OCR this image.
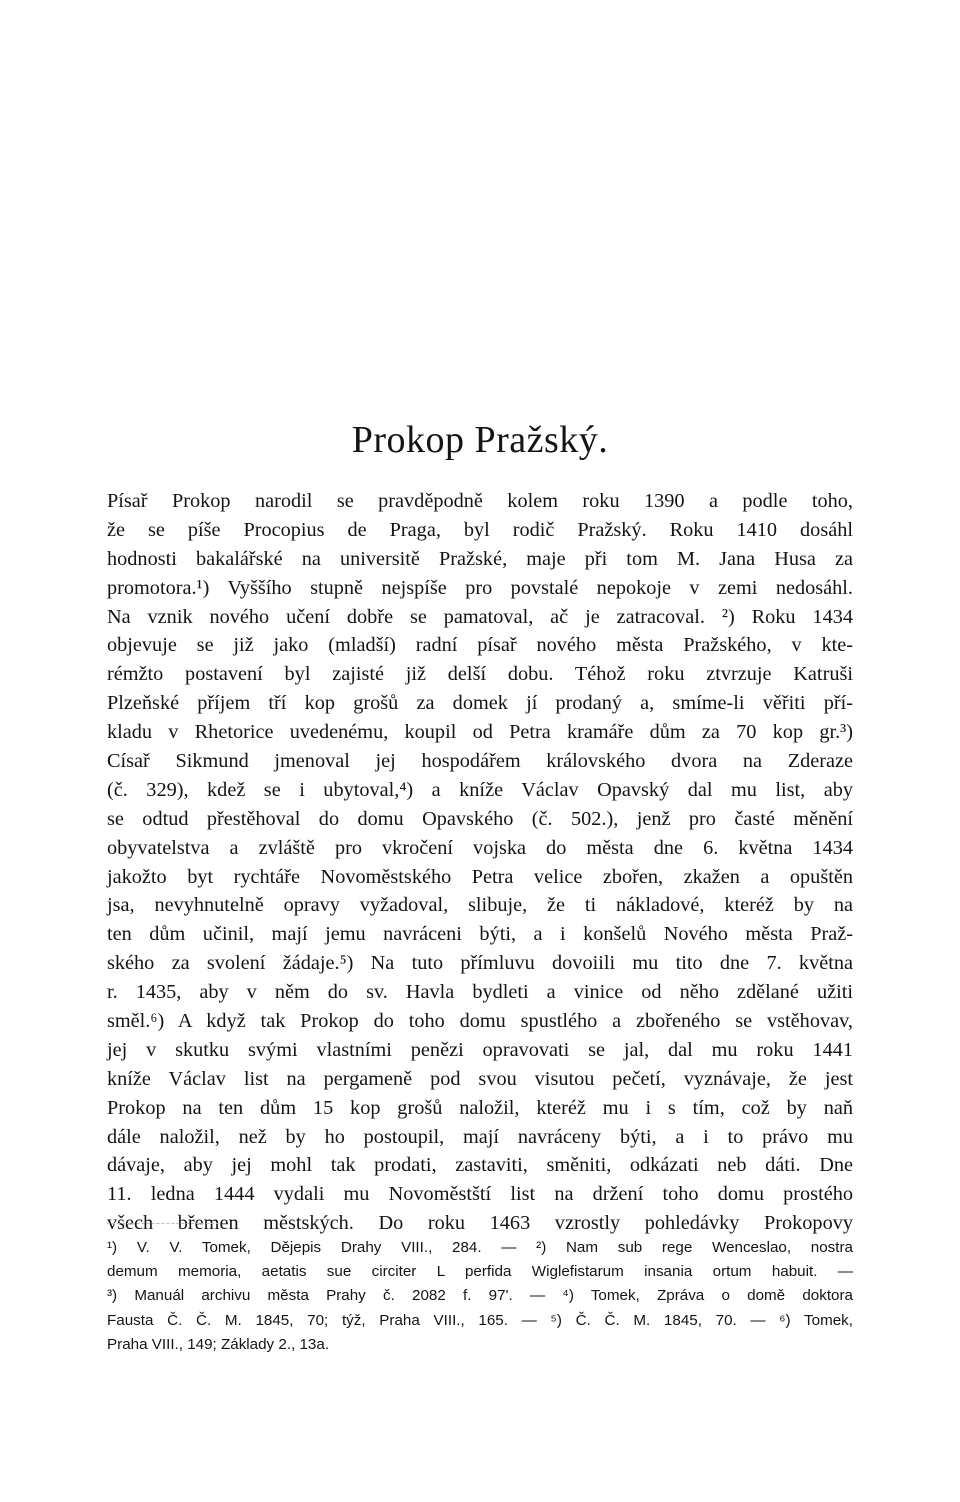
Prokop Pražský.
Písař Prokop narodil se pravděpodně kolem roku 1390 a podle toho,
že se píše Procopius de Praga, byl rodič Pražský. Roku 1410 dosáhl
hodnosti bakalářské na universitě Pražské, maje při tom M. Jana Husa za
promotora.¹) Vyššího stupně nejspíše pro povstalé nepokoje v zemi nedosáhl.
Na vznik nového učení dobře se pamatoval, ač je zatracoval. ²) Roku 1434
objevuje se již jako (mladší) radní písař nového města Pražského, v kte-
rémžto postavení byl zajisté již delší dobu. Téhož roku ztvrzuje Katruši
Plzeňské příjem tří kop grošů za domek jí prodaný a, smíme-li věřiti pří-
kladu v Rhetorice uvedenému, koupil od Petra kramáře dům za 70 kop gr.³)
Císař Sikmund jmenoval jej hospodářem královského dvora na Zderaze
(č. 329), kdež se i ubytoval,⁴) a kníže Václav Opavský dal mu list, aby
se odtud přestěhoval do domu Opavského (č. 502.), jenž pro časté měnění
obyvatelstva a zvláště pro vkročení vojska do města dne 6. května 1434
jakožto byt rychtáře Novoměstského Petra velice zbořen, zkažen a opuštěn
jsa, nevyhnutelně opravy vyžadoval, slibuje, že ti nákladové, kteréž by na
ten dům učinil, mají jemu navráceni býti, a i konšelů Nového města Praž-
ského za svolení žádaje.⁵) Na tuto přímluvu dovoiili mu tito dne 7. května
r. 1435, aby v něm do sv. Havla bydleti a vinice od něho zdělané užiti
směl.⁶) A když tak Prokop do toho domu spustlého a zbořeného se vstěhovav,
jej v skutku svými vlastními penězi opravovati se jal, dal mu roku 1441
kníže Václav list na pergameně pod svou visutou pečetí, vyznávaje, že jest
Prokop na ten dům 15 kop grošů naložil, kteréž mu i s tím, což by naň
dále naložil, než by ho postoupil, mají navráceny býti, a i to právo mu
dávaje, aby jej mohl tak prodati, zastaviti, směniti, odkázati neb dáti. Dne
11. ledna 1444 vydali mu Novoměstští list na držení toho domu prostého
všech břemen městských. Do roku 1463 vzrostly pohledávky Prokopovy
¹) V. V. Tomek, Dějepis Drahy VIII., 284. — ²) Nam sub rege Wenceslao, nostra
demum memoria, aetatis sue circiter L perfida Wiglefistarum insania ortum habuit. —
³) Manuál archivu města Prahy č. 2082 f. 97'. — ⁴) Tomek, Zpráva o domě doktora
Fausta Č. Č. M. 1845, 70; týž, Praha VIII., 165. — ⁵) Č. Č. M. 1845, 70. — ⁶) Tomek,
Praha VIII., 149; Základy 2., 13a.
